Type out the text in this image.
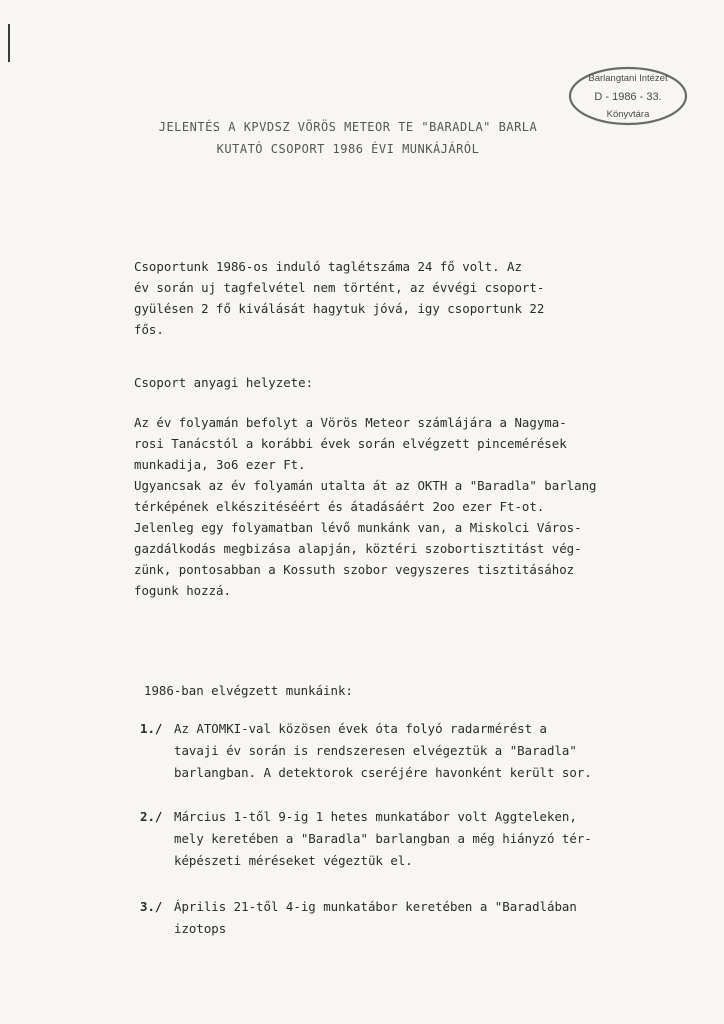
Barlangtani Intézet
D - 1986 - 33.
Könyvtára
JELENTÉS A KPVDSZ VÖRÖS METEOR TE "BARADLA" BARLA
KUTATÓ CSOPORT 1986 ÉVI MUNKÁJÁRÓL
Csoportunk 1986-os induló taglétszáma 24 fő volt. Az
év során uj tagfelvétel nem történt, az évvégi csoport-
gyülésen 2 fő kiválását hagytuk jóvá, igy csoportunk 22
fős.
Csoport anyagi helyzete:
Az év folyamán befolyt a Vörös Meteor számlájára a Nagyma-
rosi Tanácstól a korábbi évek során elvégzett pincemérések
munkadija, 3o6 ezer Ft.
Ugyancsak az év folyamán utalta át az OKTH a "Baradla" barlang
térképének elkészitéséért és átadásáért 2oo ezer Ft-ot.
Jelenleg egy folyamatban lévő munkánk van, a Miskolci Város-
gazdálkodás megbizása alapján, köztéri szobortisztitást vég-
zünk, pontosabban a Kossuth szobor vegyszeres tisztitásához
fogunk hozzá.
1986-ban elvégzett munkáink:
1./ Az ATOMKI-val közösen évek óta folyó radarmérést a
tavaji év során is rendszeresen elvégeztük a "Baradla"
barlangban. A detektorok cseréjére havonként került sor.
2./ Március 1-től 9-ig 1 hetes munkatábor volt Aggteleken,
mely keretében a "Baradla" barlangban a még hiányzó tér-
képészeti méréseket végeztük el.
3./ Április 21-től 4-ig munkatábor keretében a "Baradlában
izotops
